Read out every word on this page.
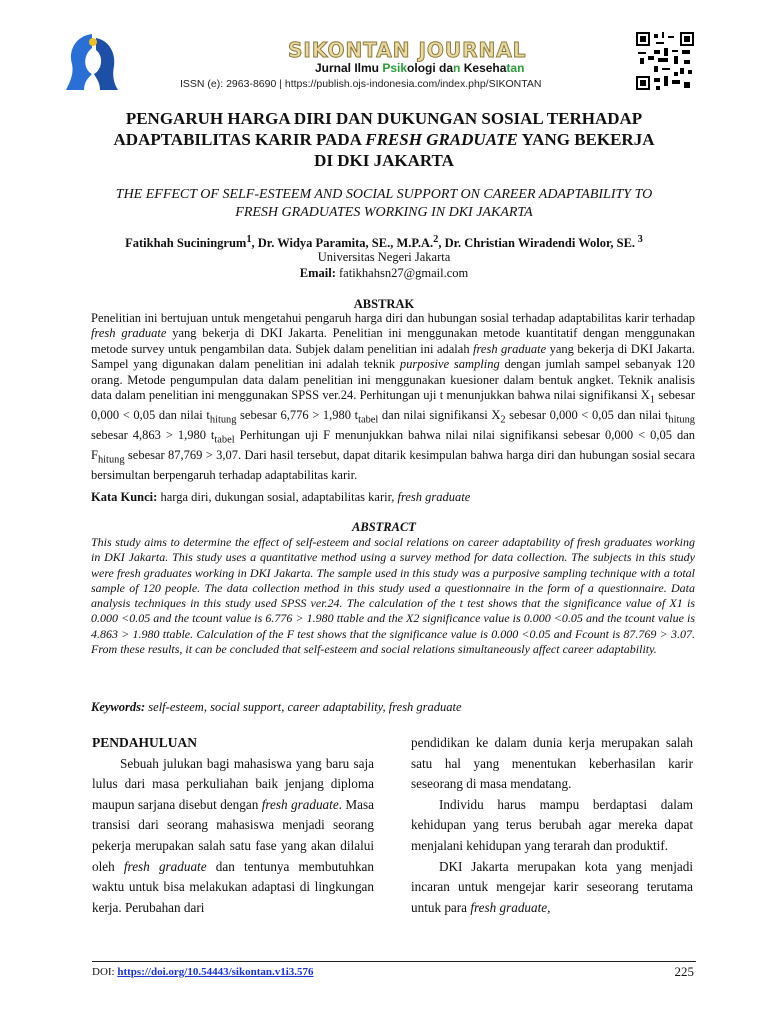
SIKONTAN JOURNAL
Jurnal Ilmu Psikologi dan Kesehatan
ISSN (e): 2963-8690 | https://publish.ojs-indonesia.com/index.php/SIKONTAN
PENGARUH HARGA DIRI DAN DUKUNGAN SOSIAL TERHADAP
ADAPTABILITAS KARIR PADA FRESH GRADUATE YANG BEKERJA
DI DKI JAKARTA
THE EFFECT OF SELF-ESTEEM AND SOCIAL SUPPORT ON CAREER ADAPTABILITY TO
FRESH GRADUATES WORKING IN DKI JAKARTA
Fatikhah Suciningrum$^1$, Dr. Widya Paramita, SE., M.P.A.$^2$, Dr. Christian Wiradendi Wolor, SE. $^3$
Universitas Negeri Jakarta
Email: fatikhahsn27@gmail.com
ABSTRAK
Penelitian ini bertujuan untuk mengetahui pengaruh harga diri dan hubungan sosial terhadap adaptabilitas karir terhadap fresh graduate yang bekerja di DKI Jakarta. Penelitian ini menggunakan metode kuantitatif dengan menggunakan metode survey untuk pengambilan data. Subjek dalam penelitian ini adalah fresh graduate yang bekerja di DKI Jakarta. Sampel yang digunakan dalam penelitian ini adalah teknik purposive sampling dengan jumlah sampel sebanyak 120 orang. Metode pengumpulan data dalam penelitian ini menggunakan kuesioner dalam bentuk angket. Teknik analisis data dalam penelitian ini menggunakan SPSS ver.24. Perhitungan uji t menunjukkan bahwa nilai signifikansi $X_1$ sebesar 0,000 < 0,05 dan nilai $t_{hitung}$ sebesar 6,776 > 1,980 $t_{tabel}$ dan nilai signifikansi $X_2$ sebesar 0,000 < 0,05 dan nilai $t_{hitung}$ sebesar 4,863 > 1,980 $t_{tabel}$ Perhitungan uji F menunjukkan bahwa nilai nilai signifikansi sebesar 0,000 < 0,05 dan $F_{hitung}$ sebesar 87,769 > 3,07. Dari hasil tersebut, dapat ditarik kesimpulan bahwa harga diri dan hubungan sosial secara bersimultan berpengaruh terhadap adaptabilitas karir.
Kata Kunci: harga diri, dukungan sosial, adaptabilitas karir, fresh graduate
ABSTRACT
This study aims to determine the effect of self-esteem and social relations on career adaptability of fresh graduates working in DKI Jakarta. This study uses a quantitative method using a survey method for data collection. The subjects in this study were fresh graduates working in DKI Jakarta. The sample used in this study was a purposive sampling technique with a total sample of 120 people. The data collection method in this study used a questionnaire in the form of a questionnaire. Data analysis techniques in this study used SPSS ver.24. The calculation of the t test shows that the significance value of X1 is 0.000 <0.05 and the tcount value is 6.776 > 1.980 ttable and the X2 significance value is 0.000 <0.05 and the tcount value is 4.863 > 1.980 ttable. Calculation of the F test shows that the significance value is 0.000 <0.05 and Fcount is 87.769 > 3.07. From these results, it can be concluded that self-esteem and social relations simultaneously affect career adaptability.
Keywords: self-esteem, social support, career adaptability, fresh graduate

PENDAHULUAN

Sebuah julukan bagi mahasiswa yang baru saja lulus dari masa perkuliahan baik jenjang diploma maupun sarjana disebut dengan fresh graduate. Masa transisi dari seorang mahasiswa menjadi seorang pekerja merupakan salah satu fase yang akan dilalui oleh fresh graduate dan tentunya membutuhkan waktu untuk bisa melakukan adaptasi di lingkungan kerja. Perubahan dari

pendidikan ke dalam dunia kerja merupakan salah satu hal yang menentukan keberhasilan karir seseorang di masa mendatang.

Individu harus mampu berdaptasi dalam kehidupan yang terus berubah agar mereka dapat menjalani kehidupan yang terarah dan produktif.

DKI Jakarta merupakan kota yang menjadi incaran untuk mengejar karir seseorang terutama untuk para fresh graduate,

DOI: https://doi.org/10.54443/sikontan.v1i3.576	225
